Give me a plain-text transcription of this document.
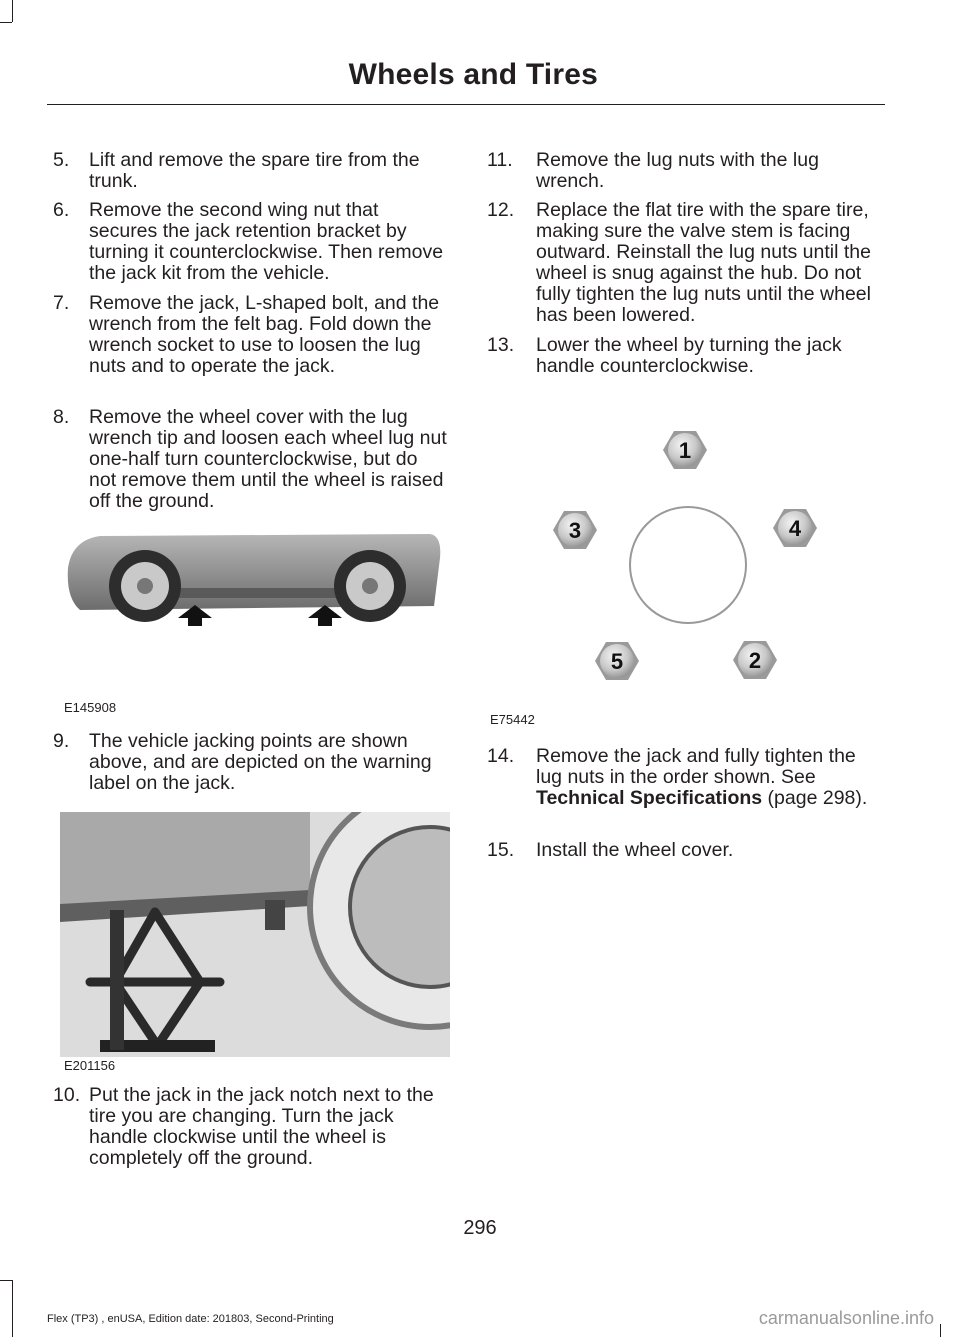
Wheels and Tires
5. Lift and remove the spare tire from the trunk.
6. Remove the second wing nut that secures the jack retention bracket by turning it counterclockwise. Then remove the jack kit from the vehicle.
7. Remove the jack, L-shaped bolt, and the wrench from the felt bag. Fold down the wrench socket to use to loosen the lug nuts and to operate the jack.
8. Remove the wheel cover with the lug wrench tip and loosen each wheel lug nut one-half turn counterclockwise, but do not remove them until the wheel is raised off the ground.
E145908
9. The vehicle jacking points are shown above, and are depicted on the warning label on the jack.
E201156
10. Put the jack in the jack notch next to the tire you are changing. Turn the jack handle clockwise until the wheel is completely off the ground.
11. Remove the lug nuts with the lug wrench.
12. Replace the flat tire with the spare tire, making sure the valve stem is facing outward. Reinstall the lug nuts until the wheel is snug against the hub. Do not fully tighten the lug nuts until the wheel has been lowered.
13. Lower the wheel by turning the jack handle counterclockwise.
1
2
3	4
5
E75442
14. Remove the jack and fully tighten the lug nuts in the order shown. See Technical Specifications (page 298).
15. Install the wheel cover.
296
Flex (TP3) , enUSA, Edition date: 201803, Second-Printing	carmanualsonline.info
